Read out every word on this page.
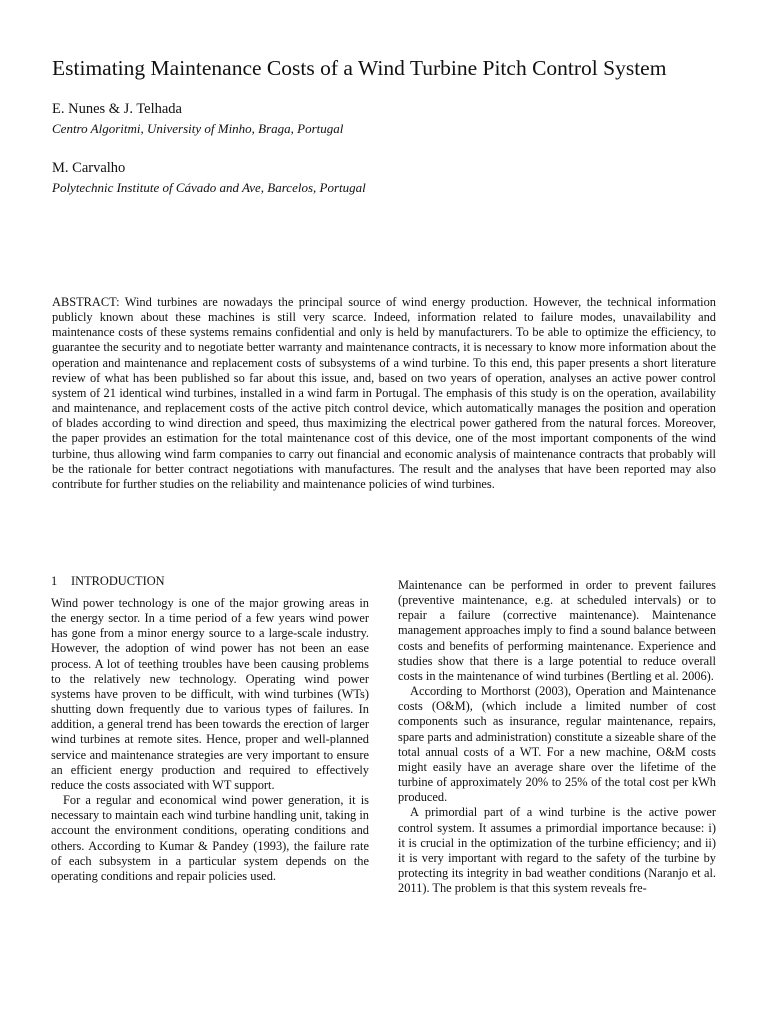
Estimating Maintenance Costs of a Wind Turbine Pitch Control System
E. Nunes & J. Telhada
Centro Algoritmi, University of Minho, Braga, Portugal
M. Carvalho
Polytechnic Institute of Cávado and Ave, Barcelos, Portugal

ABSTRACT: Wind turbines are nowadays the principal source of wind energy production. However, the technical information publicly known about these machines is still very scarce. Indeed, information related to failure modes, unavailability and maintenance costs of these systems remains confidential and only is held by manufacturers. To be able to optimize the efficiency, to guarantee the security and to negotiate better warranty and maintenance contracts, it is necessary to know more information about the operation and maintenance and replacement costs of subsystems of a wind turbine. To this end, this paper presents a short literature review of what has been published so far about this issue, and, based on two years of operation, analyses an active power control system of 21 identical wind turbines, installed in a wind farm in Portugal. The emphasis of this study is on the operation, availability and maintenance, and replacement costs of the active pitch control device, which automatically manages the position and operation of blades according to wind direction and speed, thus maximizing the electrical power gathered from the natural forces. Moreover, the paper provides an estimation for the total maintenance cost of this device, one of the most important components of the wind turbine, thus allowing wind farm companies to carry out financial and economic analysis of maintenance contracts that probably will be the rationale for better contract negotiations with manufactures. The result and the analyses that have been reported may also contribute for further studies on the reliability and maintenance policies of wind turbines.

1 INTRODUCTION

Wind power technology is one of the major growing areas in the energy sector. In a time period of a few years wind power has gone from a minor energy source to a large-scale industry. However, the adoption of wind power has not been an ease process. A lot of teething troubles have been causing problems to the relatively new technology. Operating wind power systems have proven to be difficult, with wind turbines (WTs) shutting down frequently due to various types of failures. In addition, a general trend has been towards the erection of larger wind turbines at remote sites. Hence, proper and well-planned service and maintenance strategies are very important to ensure an efficient energy production and required to effectively reduce the costs associated with WT support.

For a regular and economical wind power generation, it is necessary to maintain each wind turbine handling unit, taking in account the environment conditions, operating conditions and others. According to Kumar & Pandey (1993), the failure rate of each subsystem in a particular system depends on the operating conditions and repair policies used.

Maintenance can be performed in order to prevent failures (preventive maintenance, e.g. at scheduled intervals) or to repair a failure (corrective maintenance). Maintenance management approaches imply to find a sound balance between costs and benefits of performing maintenance. Experience and studies show that there is a large potential to reduce overall costs in the maintenance of wind turbines (Bertling et al. 2006).

According to Morthorst (2003), Operation and Maintenance costs (O&M), (which include a limited number of cost components such as insurance, regular maintenance, repairs, spare parts and administration) constitute a sizeable share of the total annual costs of a WT. For a new machine, O&M costs might easily have an average share over the lifetime of the turbine of approximately 20% to 25% of the total cost per kWh produced.

A primordial part of a wind turbine is the active power control system. It assumes a primordial importance because: i) it is crucial in the optimization of the turbine efficiency; and ii) it is very important with regard to the safety of the turbine by protecting its integrity in bad weather conditions (Naranjo et al. 2011). The problem is that this system reveals fre-
